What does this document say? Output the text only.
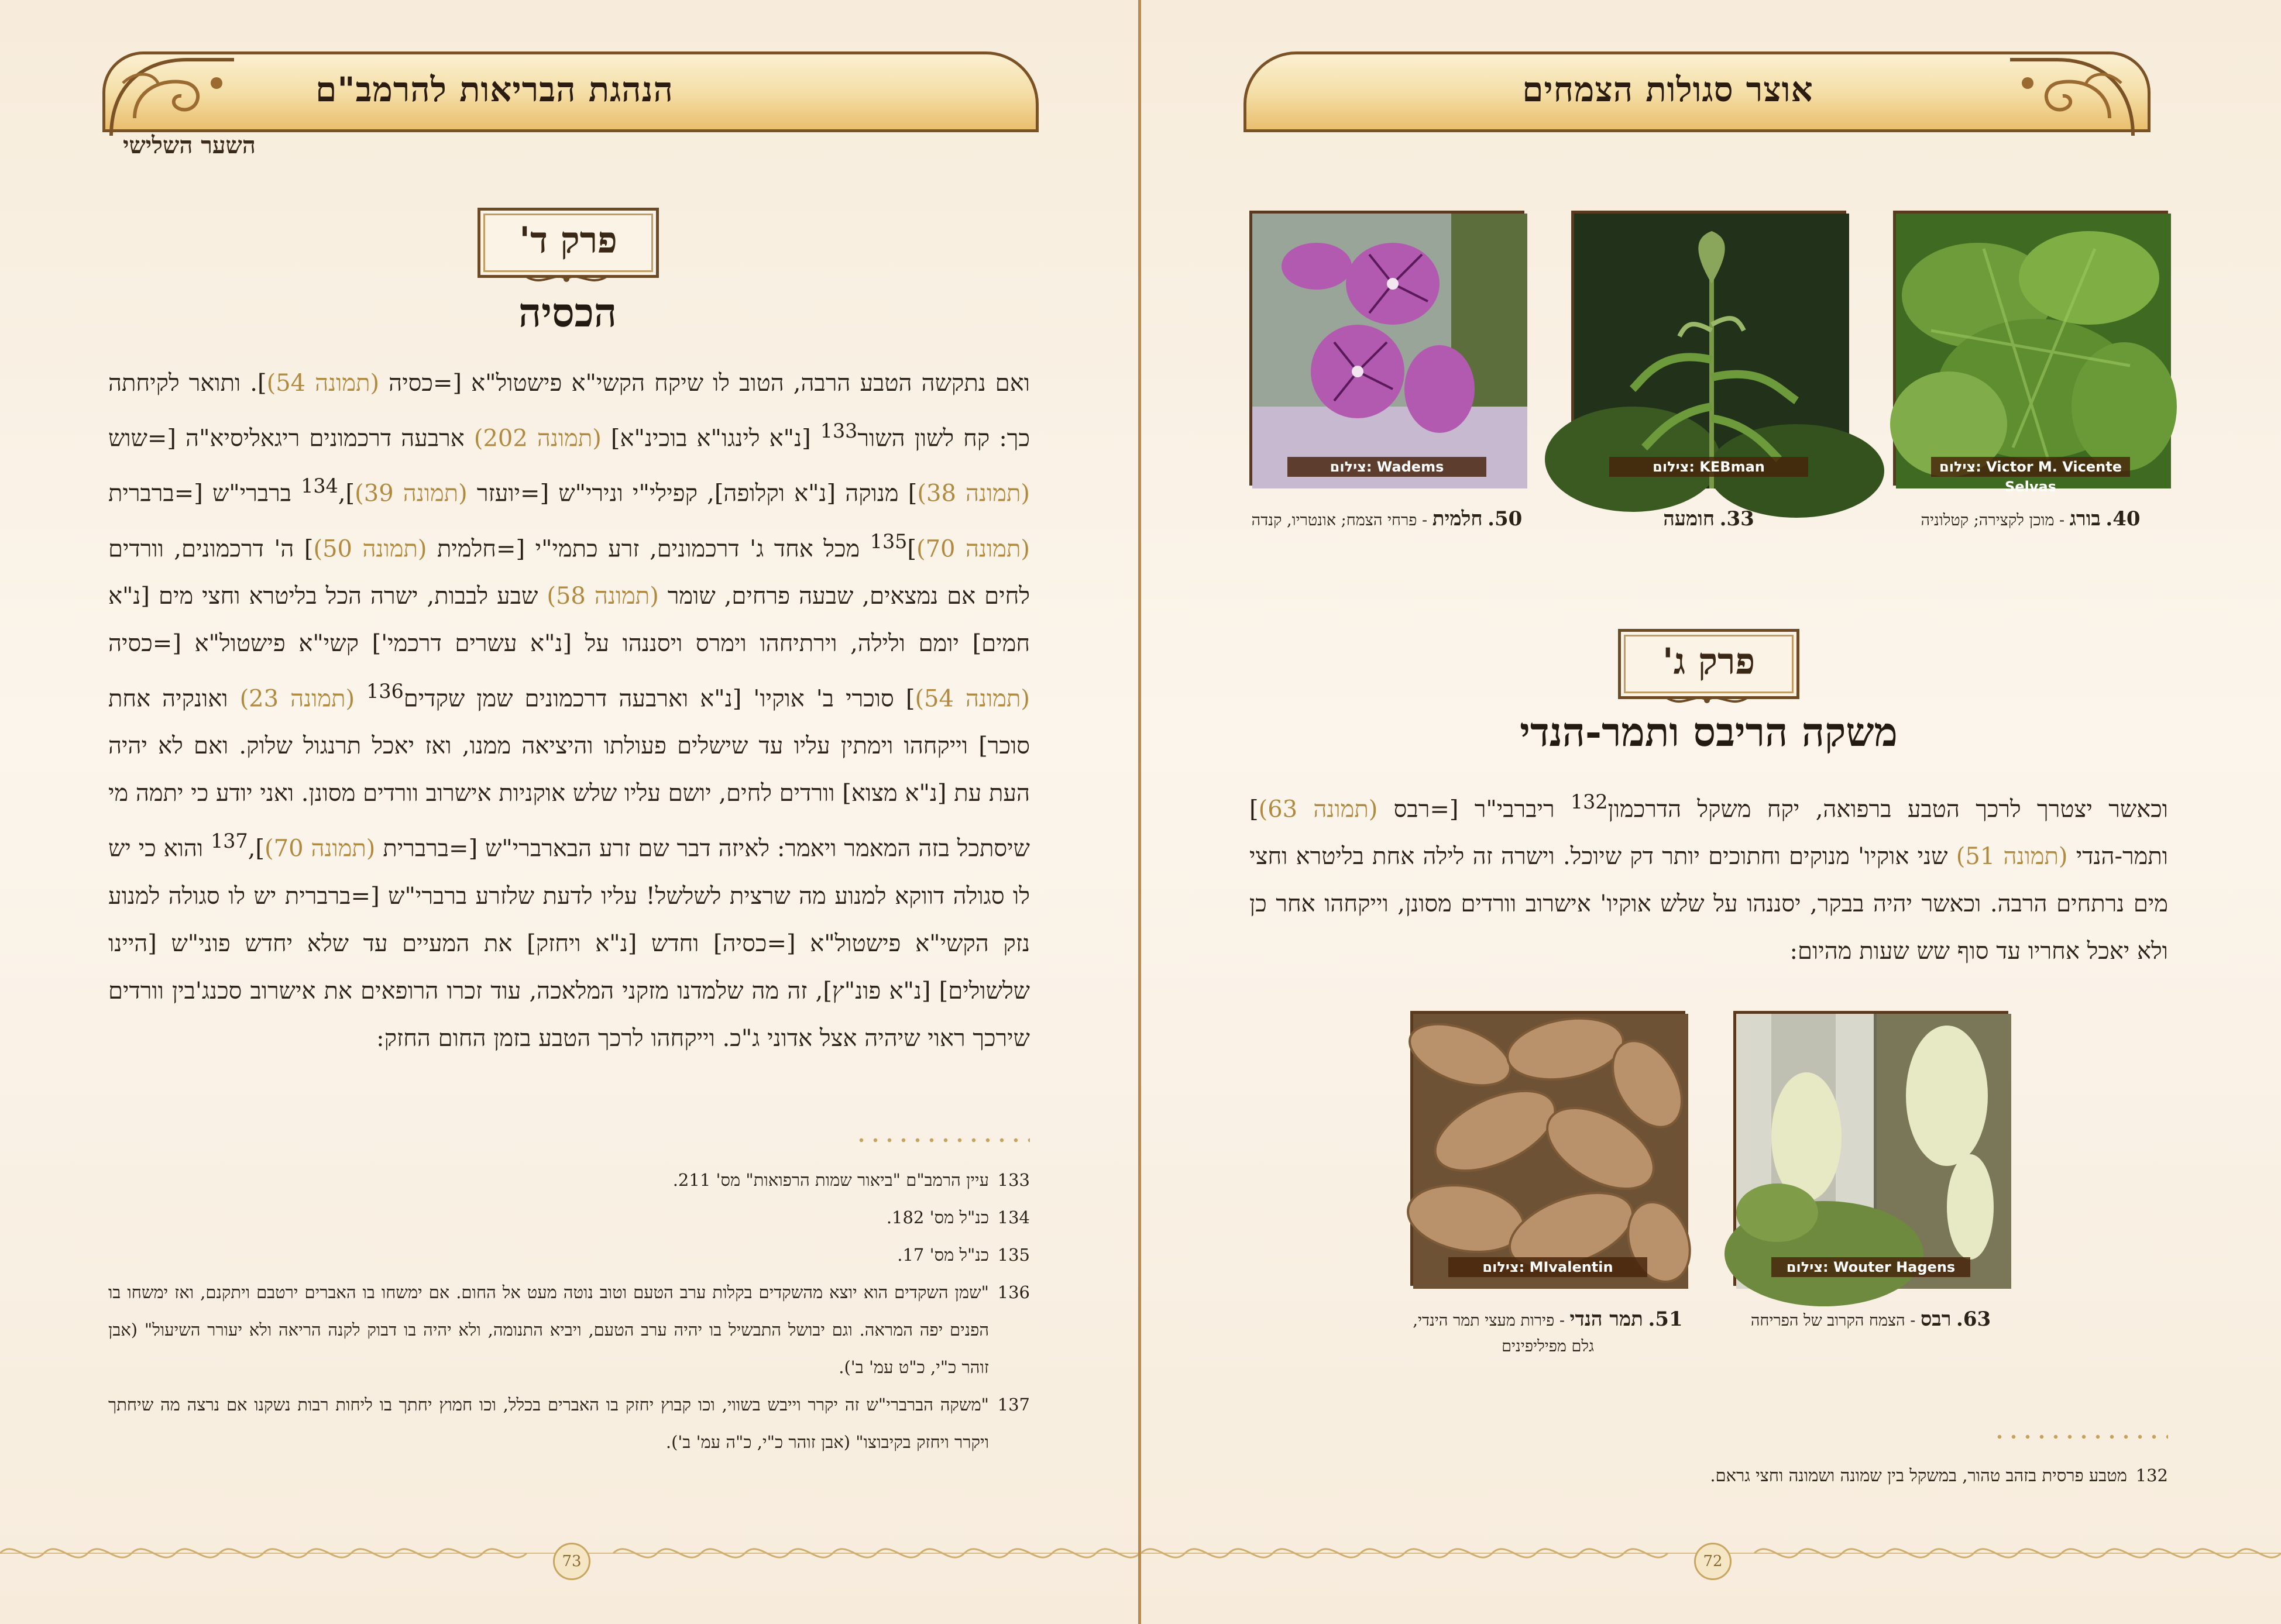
הנהגת הבריאות להרמב"ם
השער השלישי
פרק ד'
הכסיה
ואם נתקשה הטבע הרבה, הטוב לו שיקח הקשי"א פישטול"א [=כסיה (תמונה 54)]. ותואר לקיחתה כך: קח לשון השור$^{133}$ [נ"א לינגו"א בוכינ"א] (תמונה 202) ארבעה דרכמונים ריגאליסיא"ה [=שוש (תמונה 38)] מנוקה [נ"א וקלופה], קפילי"י ונירי"ש [=יועזר (תמונה 39)],$^{134}$ ברברי"ש [=ברברית (תמונה 70)]$^{135}$ מכל אחד ג' דרכמונים, זרע כתמי"י [=חלמית (תמונה 50)] ה' דרכמונים, וורדים לחים אם נמצאים, שבעה פרחים, שומר (תמונה 58) שבע לבבות, ישרה הכל בליטרא וחצי מים [נ"א חמים] יומם ולילה, וירתיחהו וימרס ויסננהו על [נ"א עשרים דרכמי'] קשי"א פישטול"א [=כסיה (תמונה 54)] סוכרי ב' אוקיו' [נ"א וארבעה דרכמונים שמן שקדים$^{136}$ (תמונה 23) ואונקיה אחת סוכר] וייקחהו וימתין עליו עד שישלים פעולתו והיציאה ממנו, ואז יאכל תרנגול שלוק. ואם לא יהיה העת עת [נ"א מצוא] וורדים לחים, יושם עליו שלש אוקניות אישרוב וורדים מסונן. ואני יודע כי יתמה מי שיסתכל בזה המאמר ויאמר: לאיזה דבר שם זרע הבארברי"ש [=ברברית (תמונה 70)],$^{137}$ והוא כי יש לו סגולה דווקא למנוע מה שרצית לשלשל! עליו לדעת שלזרע ברברי"ש [=ברברית יש לו סגולה למנוע נזק הקשי"א פישטול"א [=כסיה] וחדש [נ"א ויחזק] את המעיים עד שלא יחדש פוני"ש [היינו שלשולים] [נ"א פונ"ץ], זה מה שלמדנו מזקני המלאכה, עוד זכרו הרופאים את אישרוב סכנג'בין וורדים שירכך ראוי שיהיה אצל אדוני ג"כ. וייקחהו לרכך הטבע בזמן החום החזק:
133
עיין הרמב"ם "ביאור שמות הרפואות" מס' 211.
134
כנ"ל מס' 182.
135
כנ"ל מס' 17.
136
"שמן השקדים הוא יוצא מהשקדים בקלות ערב הטעם וטוב נוטה מעט אל החום. אם ימשחו בו האברים ירטבם ויתקנם, ואז ימשחו בו הפנים יפה המראה. וגם יבושל התבשיל בו יהיה ערב הטעם, ויביא התנומה, ולא יהיה בו דבוק לקנה הריאה ולא יעורר השיעול" (אבן זוהר כ"י, כ"ט עמ' ב').
137
"משקה הברברי"ש זה יקרר וייבש בשווי, וכו קבוץ יחזק בו האברים בכלל, וכו חמוץ יחתך בו ליחות רבות נשקנו אם נרצה מה שיחתך ויקרר ויחזק בקיבוצו" (אבן זוהר כ"י, כ"ה עמ' ב').
73
אוצר סגולות הצמחים
צילום: Victor M. Vicente Selvas
צילום: KEBman
צילום: Wadems
40. בורג - מוכן לקצירה; קטלוניה
33. חומעה
50. חלמית - פרחי הצמח; אונטריו, קנדה
פרק ג'
משקה הריבס ותמר-הנדי
וכאשר יצטרך לרכך הטבע ברפואה, יקח משקל הדרכמון$^{132}$ ריברבי"ר [=רבס (תמונה 63)] ותמר-הנדי (תמונה 51) שני אוקיו' מנוקים וחתוכים יותר דק שיוכל. וישרה זה לילה אחת בליטרא וחצי מים נרתחים הרבה. וכאשר יהיה בבקר, יסננהו על שלש אוקיו' אישרוב וורדים מסונן, וייקחהו אחר כן ולא יאכל אחריו עד סוף שש שעות מהיום:
צילום: Wouter Hagens
צילום: MIvalentin
63. רבס - הצמח הקרוב של הפריחה
51. תמר הנדי - פירות מעצי תמר הינדי, גלם מפיליפינים
132
מטבע פרסית בזהב טהור, במשקל בין שמונה ושמונה וחצי גראם.
72
